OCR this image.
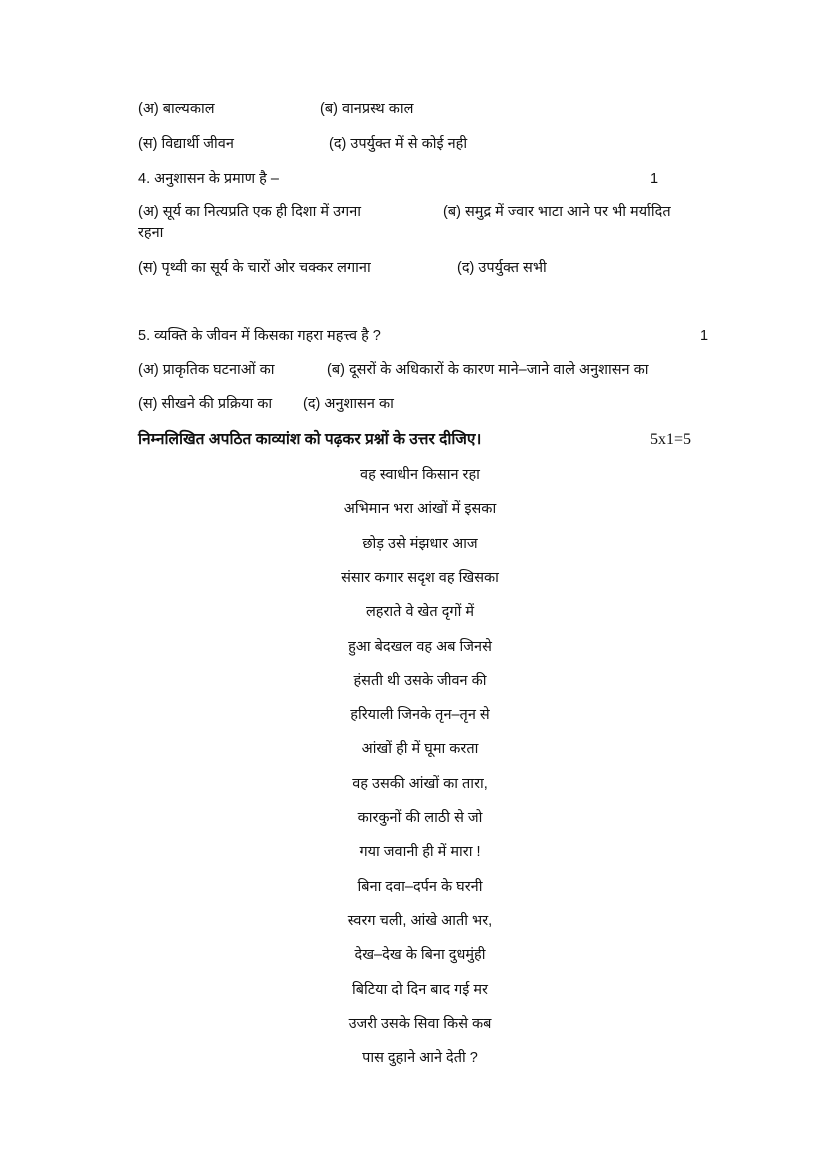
(अ) बाल्यकाल	(ब) वानप्रस्थ काल
(स) विद्यार्थी जीवन	(द) उपर्युक्त में से कोई नही
4. अनुशासन के प्रमाण है –	1
(अ) सूर्य का नित्यप्रति एक ही दिशा में उगना	(ब) समुद्र में ज्वार भाटा आने पर भी मर्यादित
रहना
(स) पृथ्वी का सूर्य के चारों ओर चक्कर लगाना	(द) उपर्युक्त सभी
5. व्यक्ति के जीवन में किसका गहरा महत्त्व है ?	1
(अ) प्राकृतिक घटनाओं का	(ब) दूसरों के अधिकारों के कारण माने–जाने वाले अनुशासन का
(स) सीखने की प्रक्रिया का (द) अनुशासन का
निम्नलिखित अपठित काव्यांश को पढ़कर प्रश्नों के उत्तर दीजिए।	5x1=5
वह स्वाधीन किसान रहा
अभिमान भरा आंखों में इसका
छोड़ उसे मंझधार आज
संसार कगार सदृश वह खिसका
लहराते वे खेत दृगों में
हुआ बेदखल वह अब जिनसे
हंसती थी उसके जीवन की
हरियाली जिनके तृन–तृन से
आंखों ही में घूमा करता
वह उसकी आंखों का तारा,
कारकुनों की लाठी से जो
गया जवानी ही में मारा !
बिना दवा–दर्पन के घरनी
स्वरग चली, आंखे आती भर,
देख–देख के बिना दुधमुंही
बिटिया दो दिन बाद गई मर
उजरी उसके सिवा किसे कब
पास दुहाने आने देती ?
